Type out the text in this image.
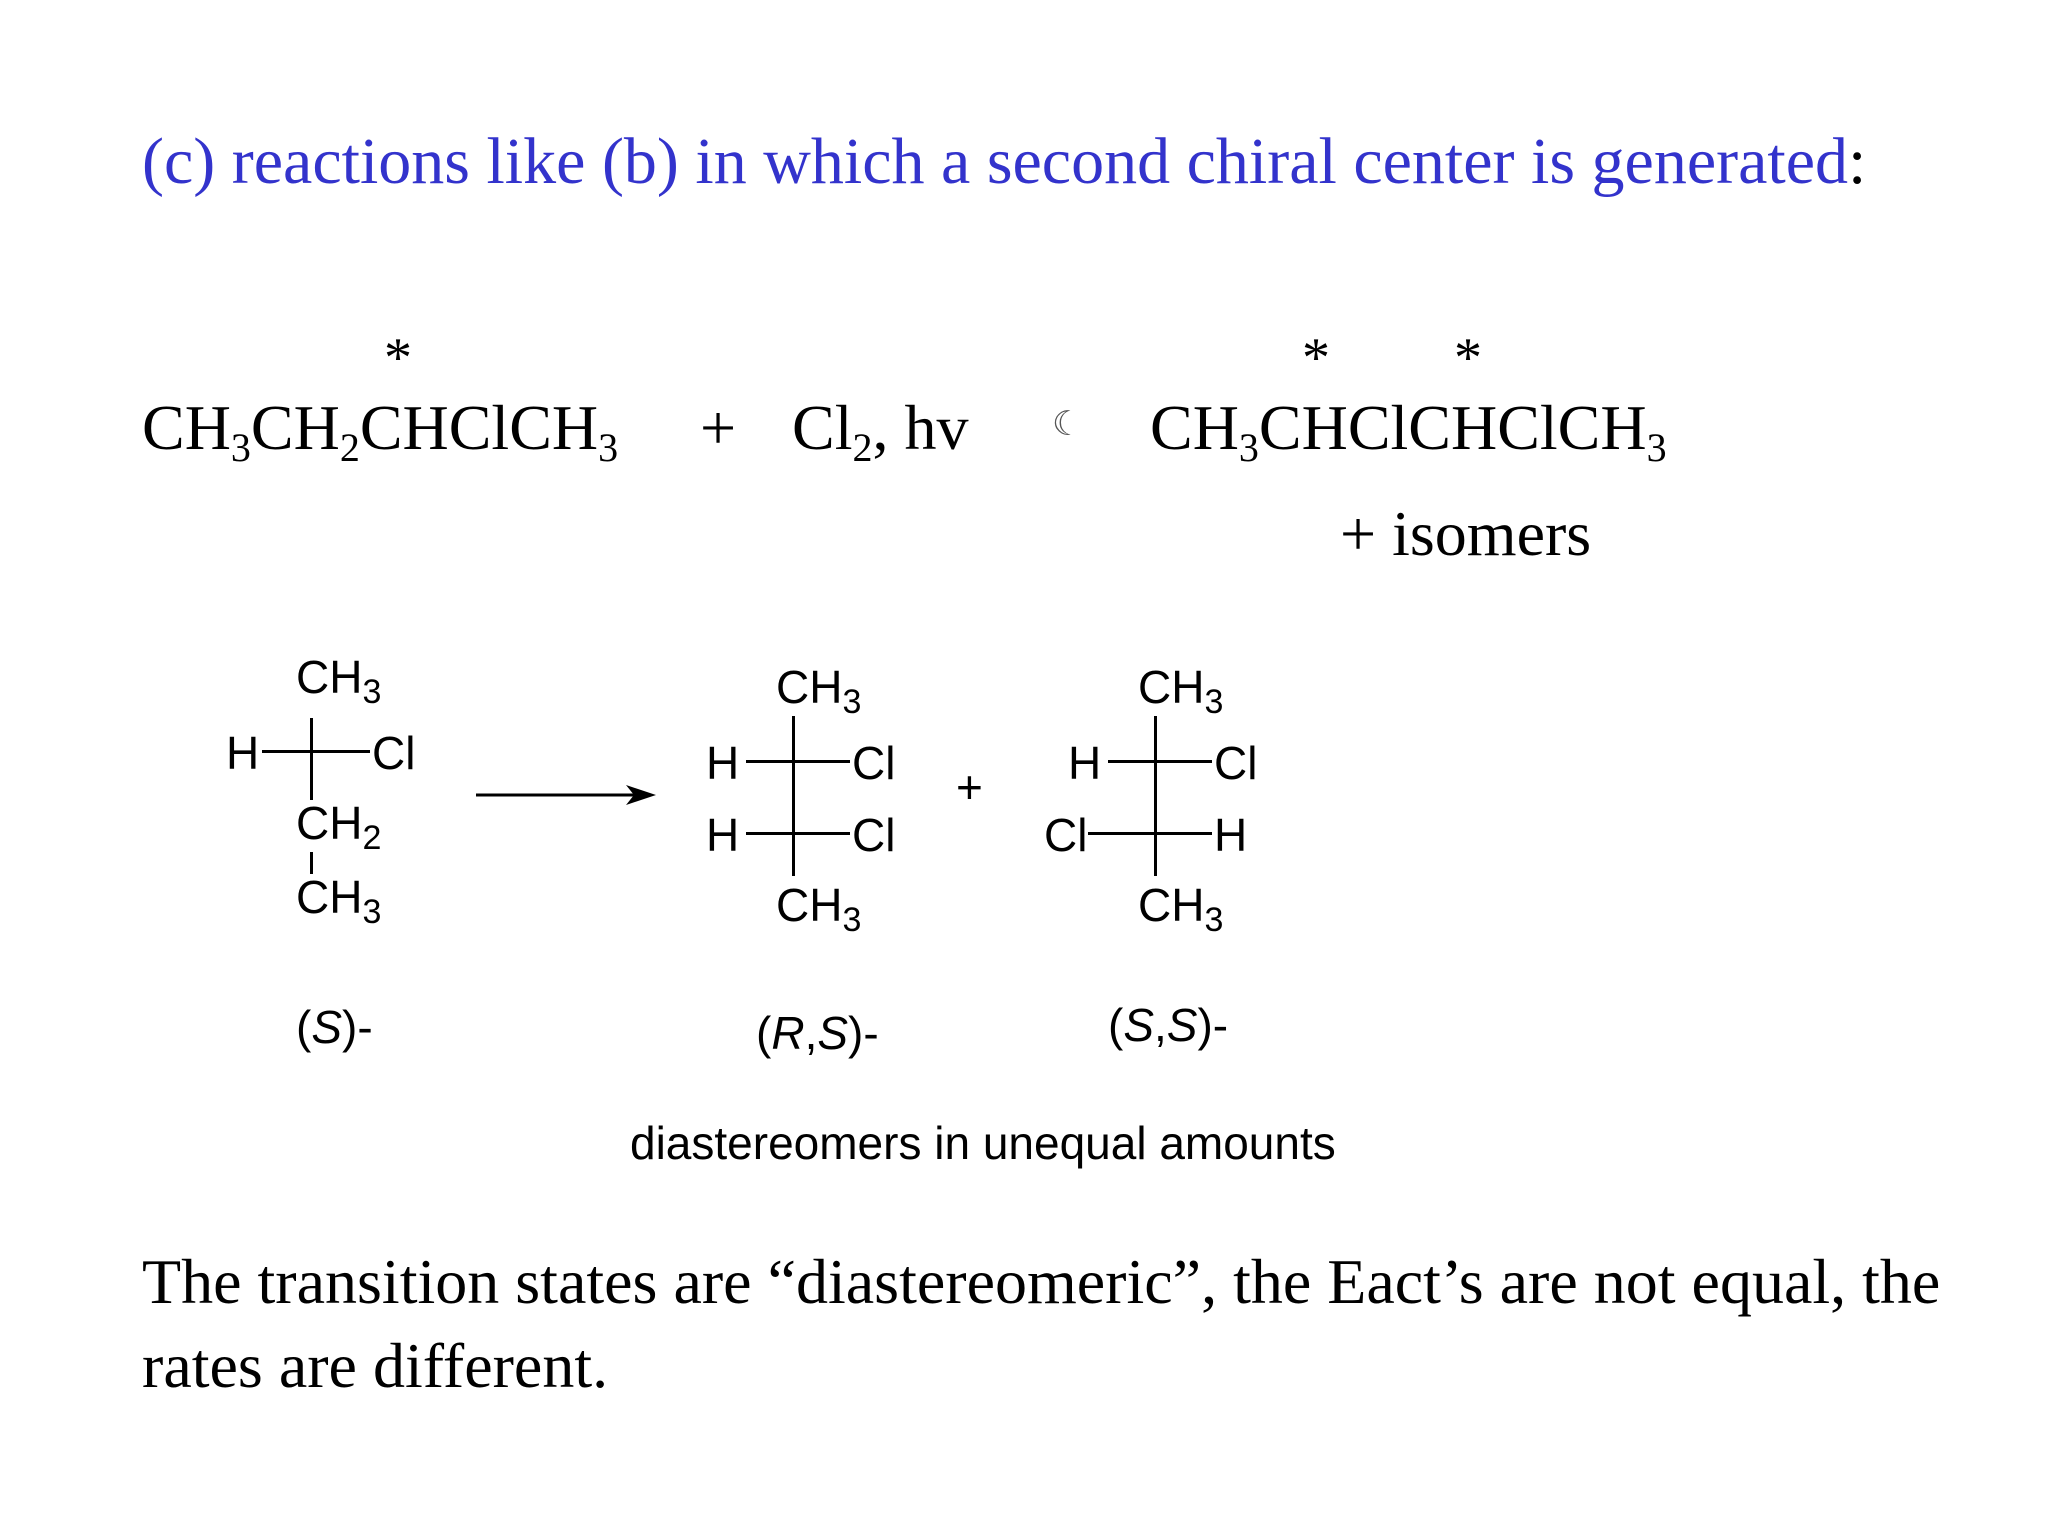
(c) reactions like (b) in which a second chiral center is generated:
*	* *
$CH_3CH_2CHClCH_3 + Cl_2$, hv ☾ $CH_3CHClCHClCH_3$
+ isomers
$CH_3$
H Cl
$CH_2$
$CH_3$
(S)-
$CH_3$
H Cl
H Cl
$CH_3$
(R,S)-
+
$CH_3$
H Cl
Cl	H
$CH_3$
(S,S)-
diastereomers in unequal amounts
The transition states are “diastereomeric”, the Eact’s are not equal, the rates are different.
